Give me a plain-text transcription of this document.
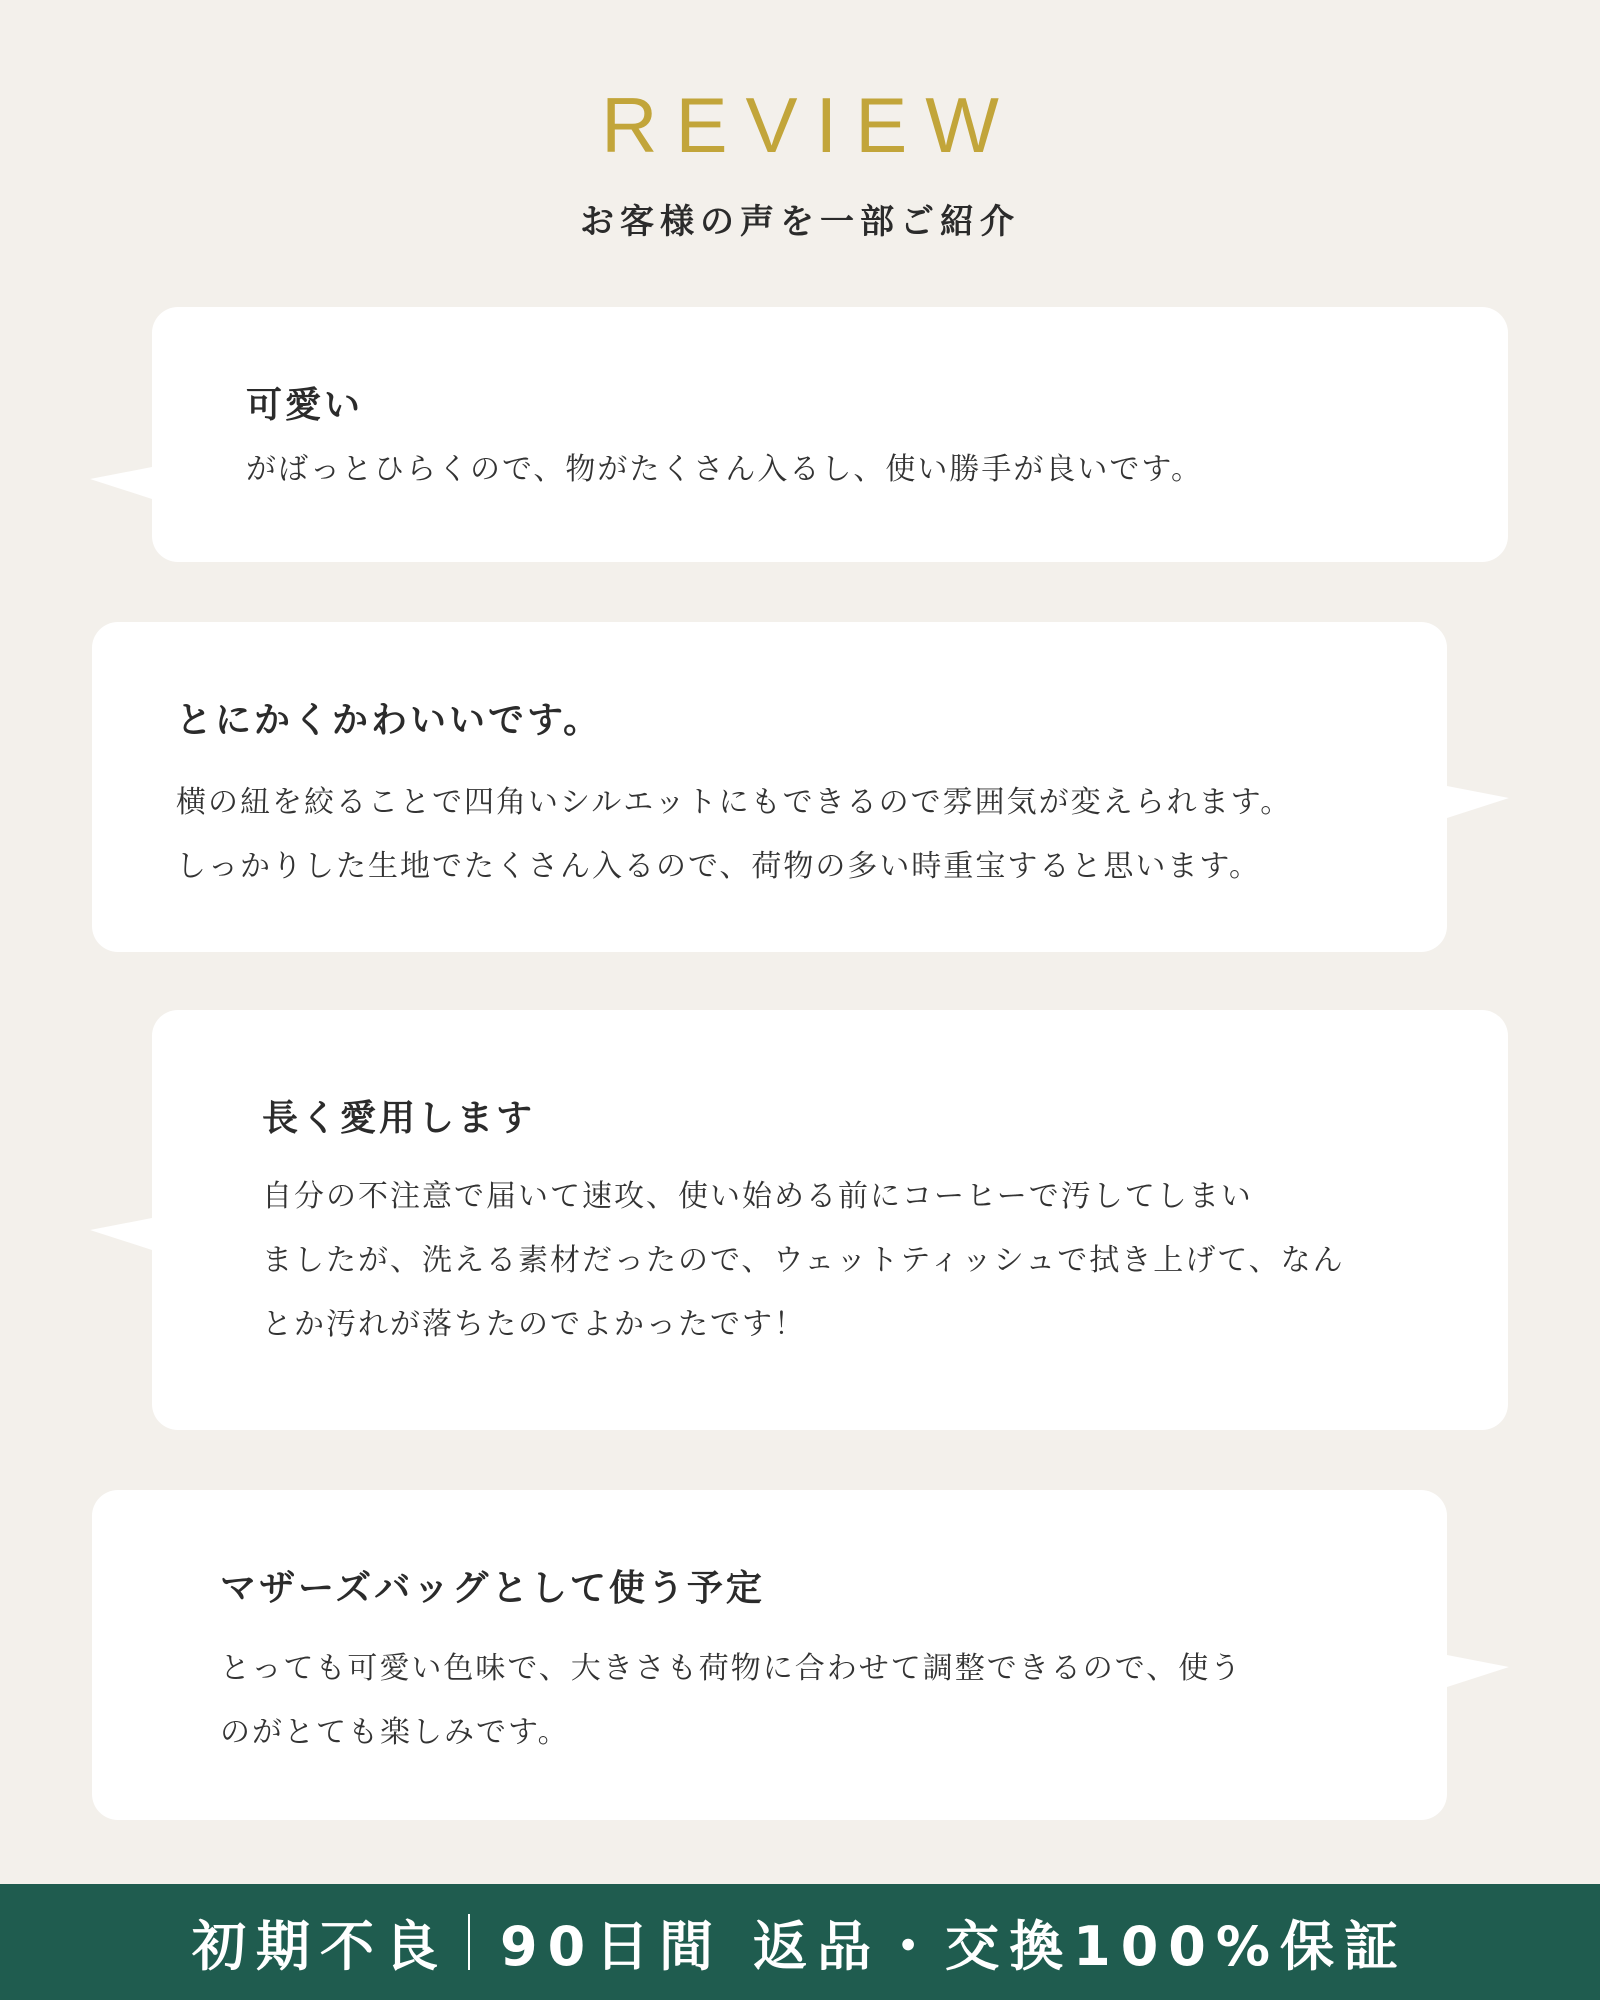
REVIEW
お客様の声を一部ご紹介
可愛い
がばっとひらくので、物がたくさん入るし、使い勝手が良いです。
とにかくかわいいです。
横の紐を絞ることで四角いシルエットにもできるので雰囲気が変えられます。
しっかりした生地でたくさん入るので、荷物の多い時重宝すると思います。
長く愛用します
自分の不注意で届いて速攻、使い始める前にコーヒーで汚してしまい
ましたが、洗える素材だったので、ウェットティッシュで拭き上げて、なん
とか汚れが落ちたのでよかったです！
マザーズバッグとして使う予定
とっても可愛い色味で、大きさも荷物に合わせて調整できるので、使う
のがとても楽しみです。
初期不良 90日間 返品・交換100%保証
